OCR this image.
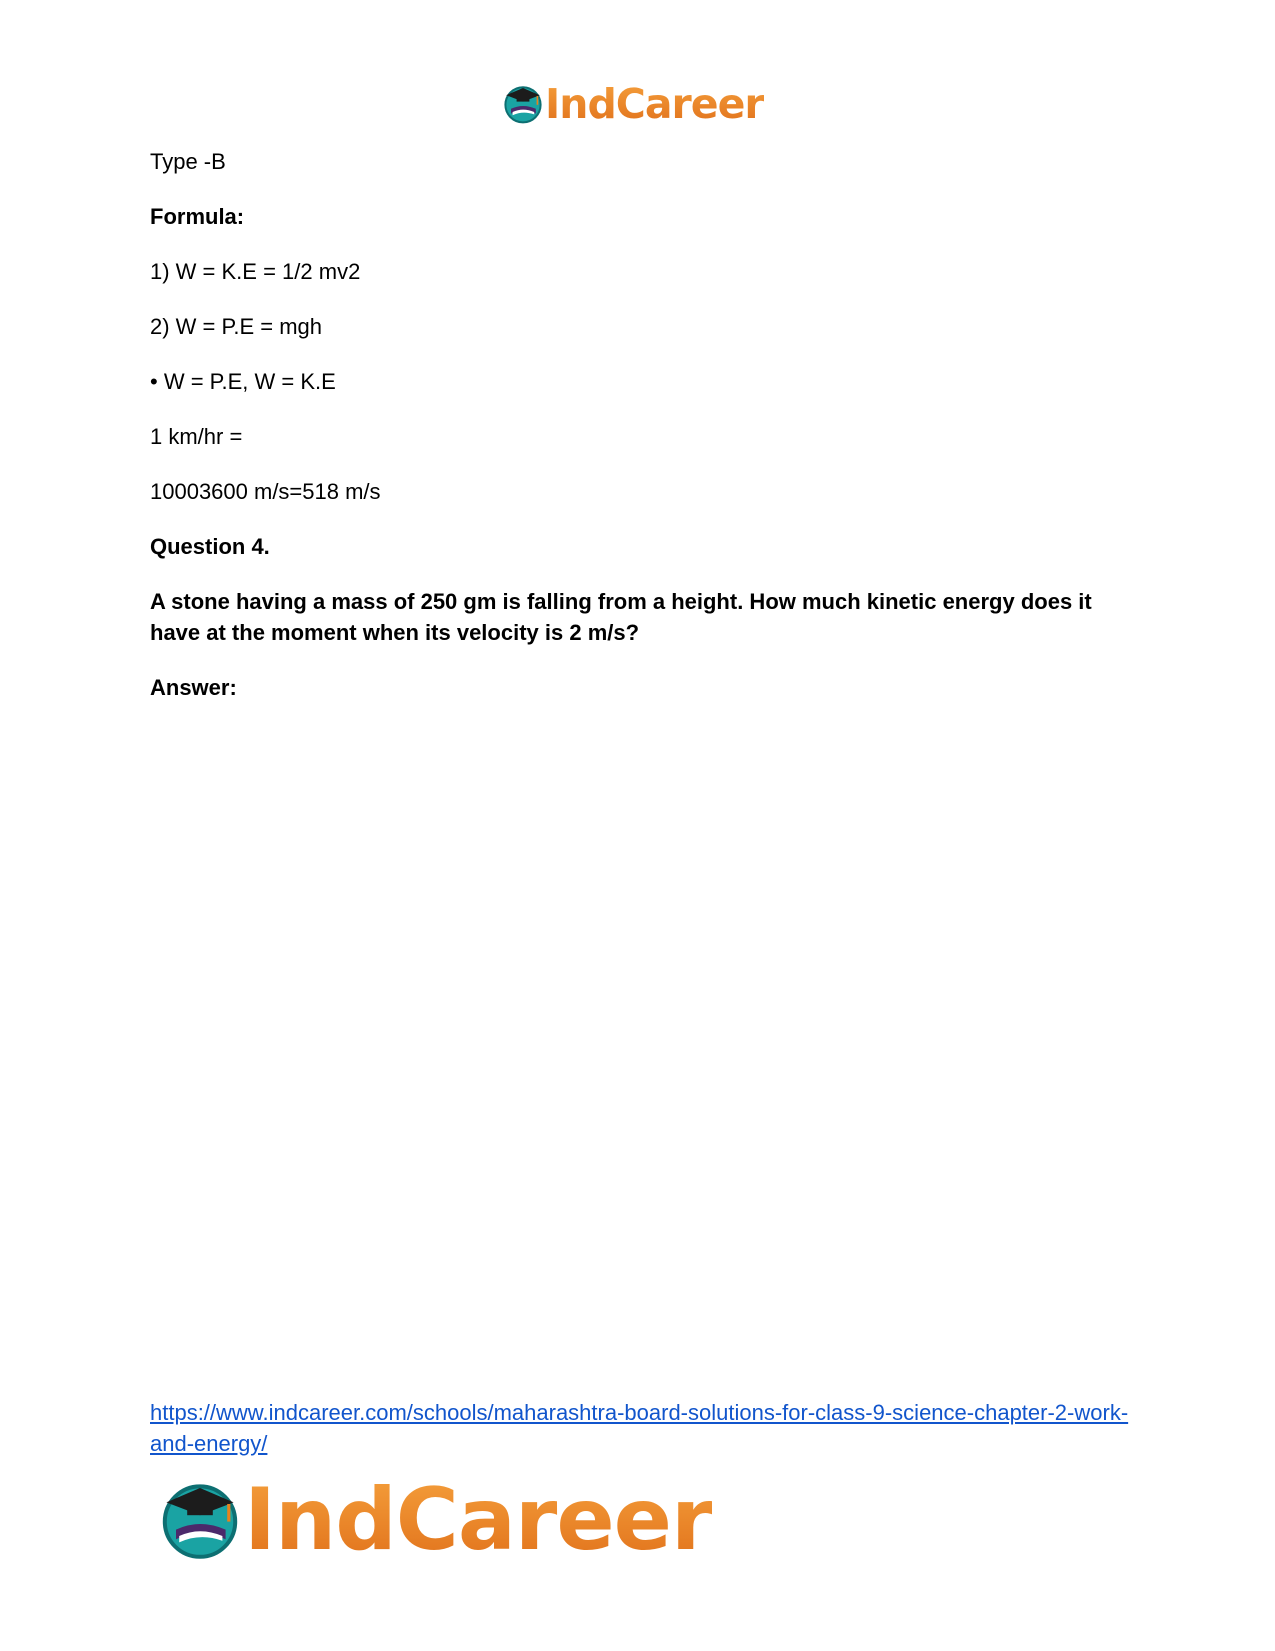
IndCareer

Type -B

Formula:

1) W = K.E = 1/2 mv2

2) W = P.E = mgh

• W = P.E, W = K.E

1 km/hr =

10003600 m/s=518 m/s

Question 4.

A stone having a mass of 250 gm is falling from a height. How much kinetic energy does it have at the moment when its velocity is 2 m/s?

Answer:

https://www.indcareer.com/schools/maharashtra-board-solutions-for-class-9-science-chapter-2-work-and-energy/
IndCareer
